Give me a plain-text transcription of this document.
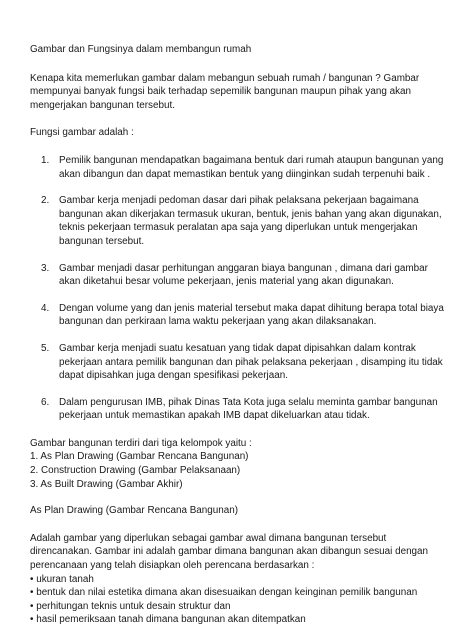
Gambar dan Fungsinya dalam membangun rumah

Kenapa kita memerlukan gambar dalam mebangun sebuah rumah / bangunan ? Gambar mempunyai banyak fungsi baik terhadap sepemilik bangunan maupun pihak yang akan mengerjakan bangunan tersebut.

Fungsi gambar adalah :

1. Pemilik bangunan mendapatkan bagaimana bentuk dari rumah ataupun bangunan yang akan dibangun dan dapat memastikan bentuk yang diinginkan sudah terpenuhi baik .
2. Gambar kerja menjadi pedoman dasar dari pihak pelaksana pekerjaan bagaimana bangunan akan dikerjakan termasuk ukuran, bentuk, jenis bahan yang akan digunakan, teknis pekerjaan termasuk peralatan apa saja yang diperlukan untuk mengerjakan bangunan tersebut.
3. Gambar menjadi dasar perhitungan anggaran biaya bangunan , dimana dari gambar akan diketahui besar volume pekerjaan, jenis material yang akan digunakan.
4. Dengan volume yang dan jenis material tersebut maka dapat dihitung berapa total biaya bangunan dan perkiraan lama waktu pekerjaan yang akan dilaksanakan.
5. Gambar kerja menjadi suatu kesatuan yang tidak dapat dipisahkan dalam kontrak pekerjaan antara pemilik bangunan dan pihak pelaksana pekerjaan , disamping itu tidak dapat dipisahkan juga dengan spesifikasi pekerjaan.
6. Dalam pengurusan IMB, pihak Dinas Tata Kota juga selalu meminta gambar bangunan pekerjaan untuk memastikan apakah IMB dapat dikeluarkan atau tidak.
Gambar bangunan terdiri dari tiga kelompok yaitu :
1. As Plan Drawing (Gambar Rencana Bangunan)
2. Construction Drawing (Gambar Pelaksanaan)
3. As Built Drawing (Gambar Akhir)

As Plan Drawing (Gambar Rencana Bangunan)

Adalah gambar yang diperlukan sebagai gambar awal dimana bangunan tersebut direncanakan. Gambar ini adalah gambar dimana bangunan akan dibangun sesuai dengan perencanaan yang telah disiapkan oleh perencana berdasarkan :

• ukuran tanah
• bentuk dan nilai estetika dimana akan disesuaikan dengan keinginan pemilik bangunan
• perhitungan teknis untuk desain struktur dan
• hasil pemeriksaan tanah dimana bangunan akan ditempatkan
